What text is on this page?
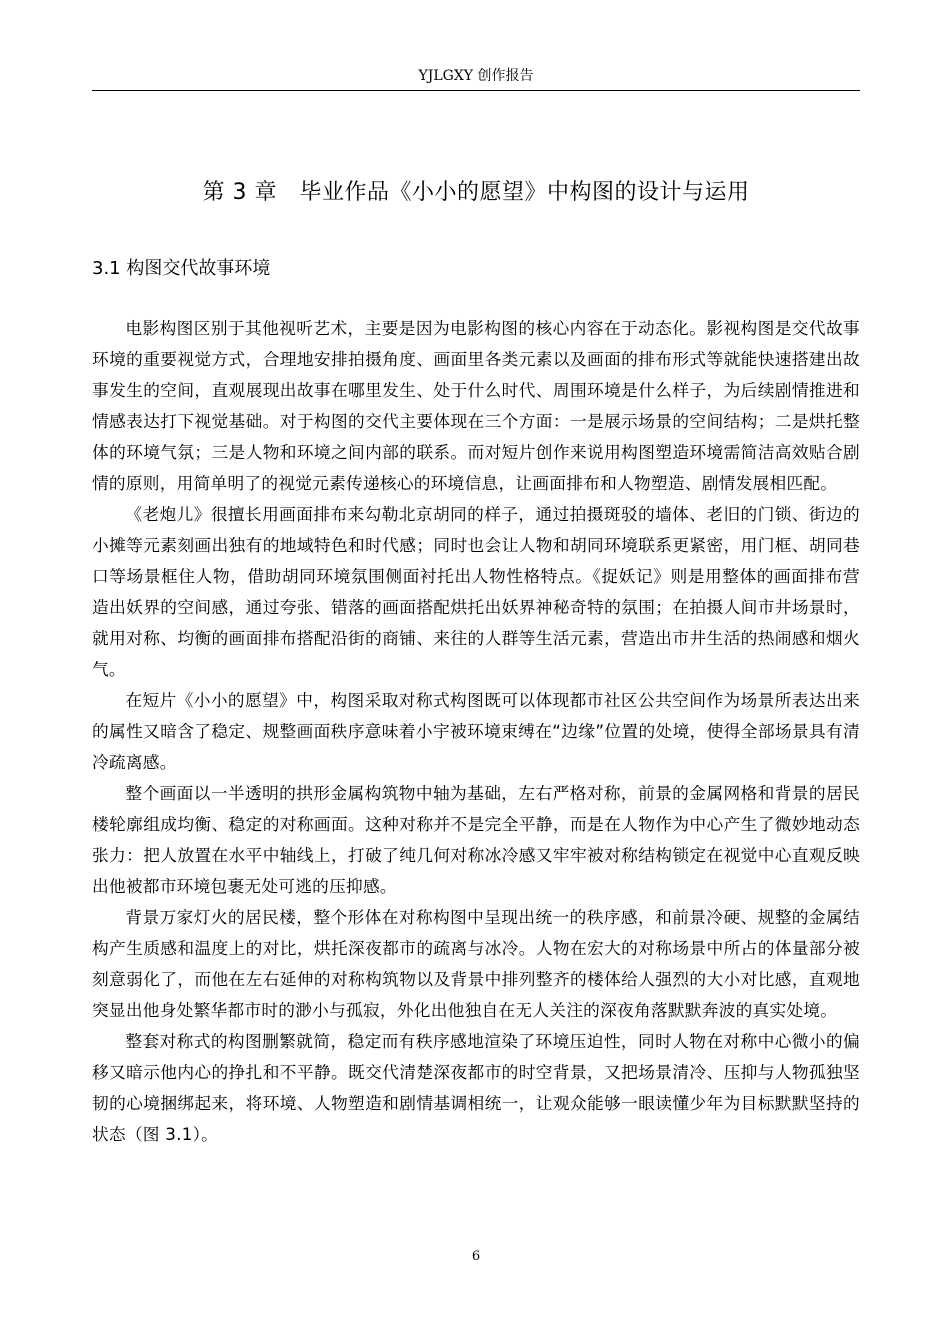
YJLGXY 创作报告
第 3 章　毕业作品《小小的愿望》中构图的设计与运用
3.1 构图交代故事环境

电影构图区别于其他视听艺术，主要是因为电影构图的核心内容在于动态化。影视构图是交代故事环境的重要视觉方式，合理地安排拍摄角度、画面里各类元素以及画面的排布形式等就能快速搭建出故事发生的空间，直观展现出故事在哪里发生、处于什么时代、周围环境是什么样子，为后续剧情推进和情感表达打下视觉基础。对于构图的交代主要体现在三个方面：一是展示场景的空间结构；二是烘托整体的环境气氛；三是人物和环境之间内部的联系。而对短片创作来说用构图塑造环境需简洁高效贴合剧情的原则，用简单明了的视觉元素传递核心的环境信息，让画面排布和人物塑造、剧情发展相匹配。

《老炮儿》很擅长用画面排布来勾勒北京胡同的样子，通过拍摄斑驳的墙体、老旧的门锁、街边的小摊等元素刻画出独有的地域特色和时代感；同时也会让人物和胡同环境联系更紧密，用门框、胡同巷口等场景框住人物，借助胡同环境氛围侧面衬托出人物性格特点。《捉妖记》则是用整体的画面排布营造出妖界的空间感，通过夸张、错落的画面搭配烘托出妖界神秘奇特的氛围；在拍摄人间市井场景时，就用对称、均衡的画面排布搭配沿街的商铺、来往的人群等生活元素，营造出市井生活的热闹感和烟火气。

在短片《小小的愿望》中，构图采取对称式构图既可以体现都市社区公共空间作为场景所表达出来的属性又暗含了稳定、规整画面秩序意味着小宇被环境束缚在“边缘”位置的处境，使得全部场景具有清冷疏离感。

整个画面以一半透明的拱形金属构筑物中轴为基础，左右严格对称，前景的金属网格和背景的居民楼轮廓组成均衡、稳定的对称画面。这种对称并不是完全平静，而是在人物作为中心产生了微妙地动态张力：把人放置在水平中轴线上，打破了纯几何对称冰冷感又牢牢被对称结构锁定在视觉中心直观反映出他被都市环境包裹无处可逃的压抑感。

背景万家灯火的居民楼，整个形体在对称构图中呈现出统一的秩序感，和前景冷硬、规整的金属结构产生质感和温度上的对比，烘托深夜都市的疏离与冰冷。人物在宏大的对称场景中所占的体量部分被刻意弱化了，而他在左右延伸的对称构筑物以及背景中排列整齐的楼体给人强烈的大小对比感，直观地突显出他身处繁华都市时的渺小与孤寂，外化出他独自在无人关注的深夜角落默默奔波的真实处境。

整套对称式的构图删繁就简，稳定而有秩序感地渲染了环境压迫性，同时人物在对称中心微小的偏移又暗示他内心的挣扎和不平静。既交代清楚深夜都市的时空背景，又把场景清冷、压抑与人物孤独坚韧的心境捆绑起来，将环境、人物塑造和剧情基调相统一，让观众能够一眼读懂少年为目标默默坚持的状态（图 3.1）。

6
